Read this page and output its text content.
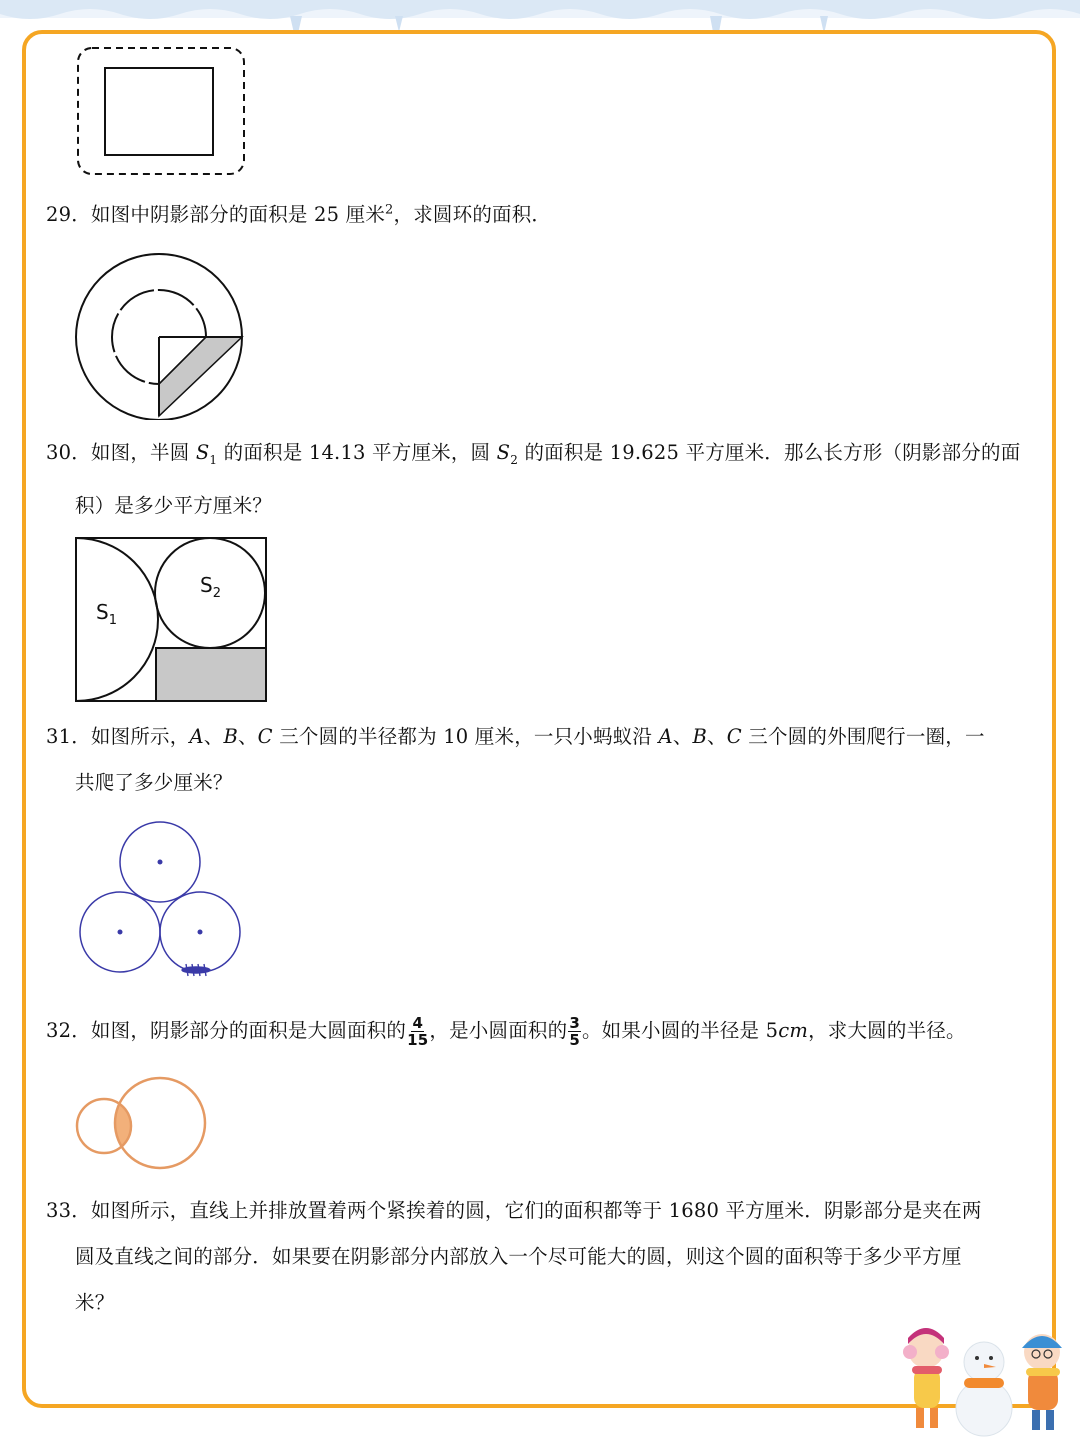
29．如图中阴影部分的面积是 25 厘米$^2$，求圆环的面积．
30．如图，半圆 $S_1$ 的面积是 14.13 平方厘米，圆 $S_2$ 的面积是 19.625 平方厘米．那么长方形（阴影部分的面
积）是多少平方厘米？
$S_1$
$S_2$
31．如图所示，A、B、C 三个圆的半径都为 10 厘米，一只小蚂蚁沿 A、B、C 三个圆的外围爬行一圈，一
共爬了多少厘米？
32．如图，阴影部分的面积是大圆面积的 $\frac{4}{15}$ ，是小圆面积的 $\frac{3}{5}$ 。如果小圆的半径是 5cm，求大圆的半径。
33．如图所示，直线上并排放置着两个紧挨着的圆，它们的面积都等于 1680 平方厘米．阴影部分是夹在两
圆及直线之间的部分．如果要在阴影部分内部放入一个尽可能大的圆，则这个圆的面积等于多少平方厘
米？
